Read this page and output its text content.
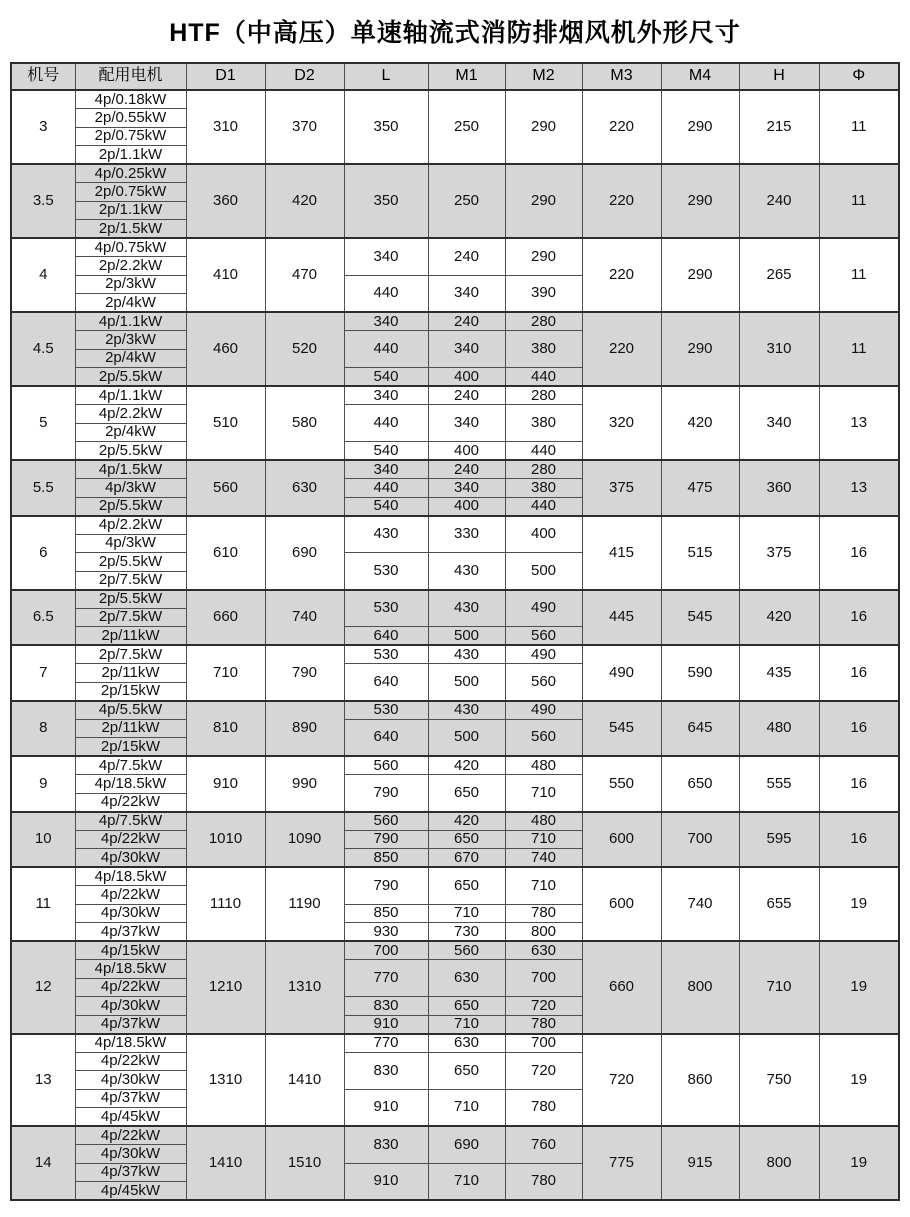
HTF（中高压）单速轴流式消防排烟风机外形尺寸
机号	配用电机	D1	D2	L	M1	M2	M3	M4	H	Φ
3	4p/0.18kW	310	370	350	250	290	220	290	215	11
	2p/0.55kW									
	2p/0.75kW									
	2p/1.1kW									
3.5	4p/0.25kW	360	420	350	250	290	220	290	240	11
	2p/0.75kW									
	2p/1.1kW									
	2p/1.5kW									
4	4p/0.75kW	410	470	340	240	290	220	290	265	11
	2p/2.2kW									
	2p/3kW			440	340	390				
	2p/4kW									
4.5	4p/1.1kW	460	520	340	240	280	220	290	310	11
	2p/3kW			440	340	380				
	2p/4kW									
	2p/5.5kW			540	400	440				
5	4p/1.1kW	510	580	340	240	280	320	420	340	13
	4p/2.2kW			440	340	380				
	2p/4kW									
	2p/5.5kW			540	400	440				
5.5	4p/1.5kW	560	630	340	240	280	375	475	360	13
	4p/3kW			440	340	380				
	2p/5.5kW			540	400	440				
6	4p/2.2kW	610	690	430	330	400	415	515	375	16
	4p/3kW									
	2p/5.5kW			530	430	500				
	2p/7.5kW									
6.5	2p/5.5kW	660	740	530	430	490	445	545	420	16
	2p/7.5kW									
	2p/11kW			640	500	560				
7	2p/7.5kW	710	790	530	430	490	490	590	435	16
	2p/11kW			640	500	560				
	2p/15kW									
8	4p/5.5kW	810	890	530	430	490	545	645	480	16
	2p/11kW			640	500	560				
	2p/15kW									
9	4p/7.5kW	910	990	560	420	480	550	650	555	16
	4p/18.5kW			790	650	710				
	4p/22kW									
10	4p/7.5kW	1010	1090	560	420	480	600	700	595	16
	4p/22kW			790	650	710				
	4p/30kW			850	670	740				
11	4p/18.5kW	1110	1190	790	650	710	600	740	655	19
	4p/22kW									
	4p/30kW			850	710	780				
	4p/37kW			930	730	800				
12	4p/15kW	1210	1310	700	560	630	660	800	710	19
	4p/18.5kW			770	630	700				
	4p/22kW									
	4p/30kW			830	650	720				
	4p/37kW			910	710	780				
13	4p/18.5kW	1310	1410	770	630	700	720	860	750	19
	4p/22kW			830	650	720				
	4p/30kW									
	4p/37kW			910	710	780				
	4p/45kW									
14	4p/22kW	1410	1510	830	690	760	775	915	800	19
	4p/30kW									
	4p/37kW			910	710	780				
	4p/45kW									
